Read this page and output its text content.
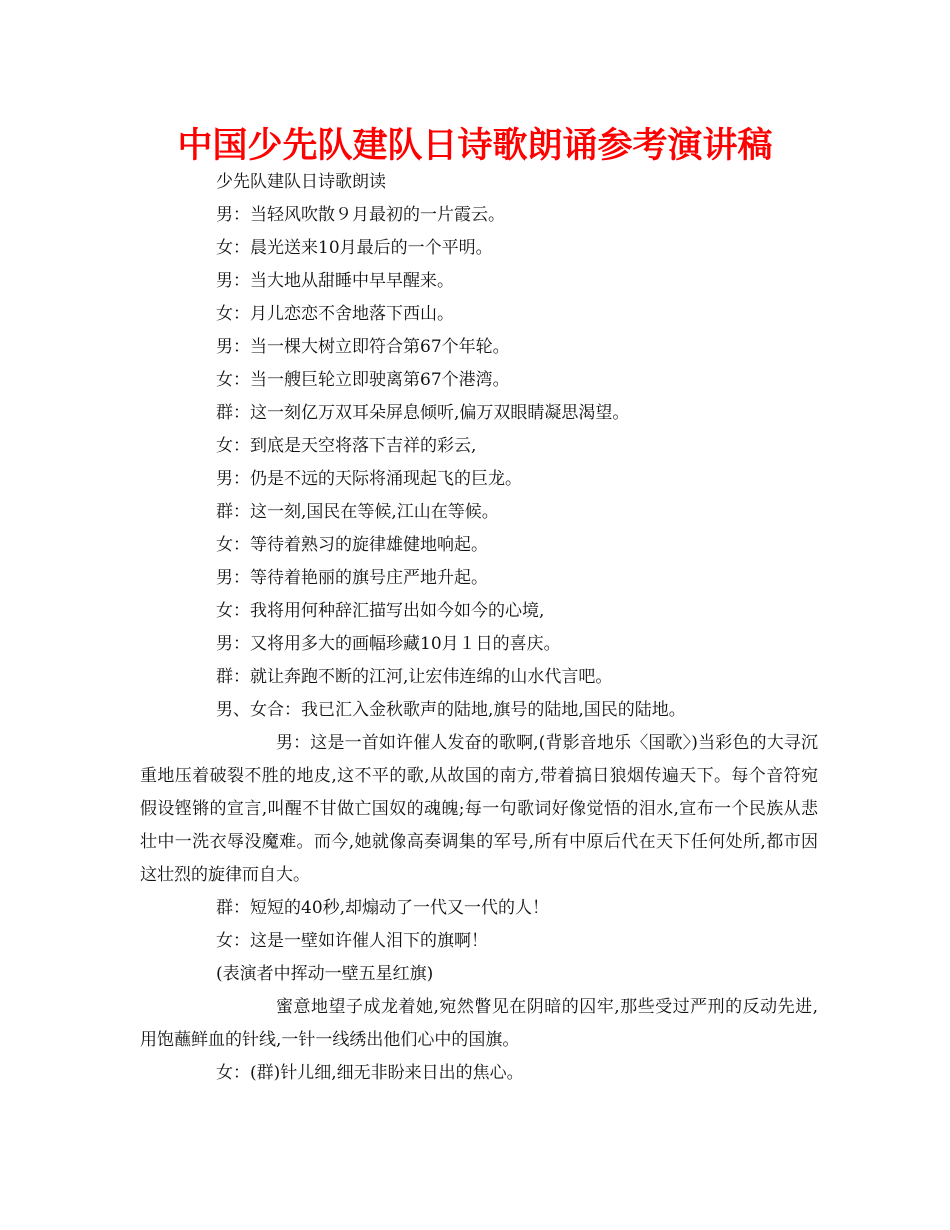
中国少先队建队日诗歌朗诵参考演讲稿

少先队建队日诗歌朗读

男：当轻风吹散９月最初的一片霞云。

女：晨光送来10月最后的一个平明。

男：当大地从甜睡中早早醒来。

女：月儿恋恋不舍地落下西山。

男：当一棵大树立即符合第67个年轮。

女：当一艘巨轮立即驶离第67个港湾。

群：这一刻亿万双耳朵屏息倾听,偏万双眼睛凝思渴望。

女：到底是天空将落下吉祥的彩云,

男：仍是不远的天际将涌现起飞的巨龙。

群：这一刻,国民在等候,江山在等候。

女：等待着熟习的旋律雄健地响起。

男：等待着艳丽的旗号庄严地升起。

女：我将用何种辞汇描写出如今如今的心境,

男：又将用多大的画幅珍藏10月１日的喜庆。

群：就让奔跑不断的江河,让宏伟连绵的山水代言吧。

男、女合：我已汇入金秋歌声的陆地,旗号的陆地,国民的陆地。

男：这是一首如许催人发奋的歌啊,(背影音地乐〈国歌〉)当彩色的大寻沉重地压着破裂不胜的地皮,这不平的歌,从故国的南方,带着搞日狼烟传遍天下。每个音符宛假设铿锵的宣言,叫醒不甘做亡国奴的魂魄;每一句歌词好像觉悟的泪水,宣布一个民族从悲壮中一洗衣辱没魔难。而今,她就像高奏调集的军号,所有中原后代在天下任何处所,都市因这壮烈的旋律而自大。

群：短短的40秒,却煽动了一代又一代的人！

女：这是一壁如许催人泪下的旗啊！

(表演者中挥动一壁五星红旗)

蜜意地望子成龙着她,宛然瞥见在阴暗的囚牢,那些受过严刑的反动先进,用饱蘸鲜血的针线,一针一线绣出他们心中的国旗。

女：(群)针儿细,细无非盼来日出的焦心。
